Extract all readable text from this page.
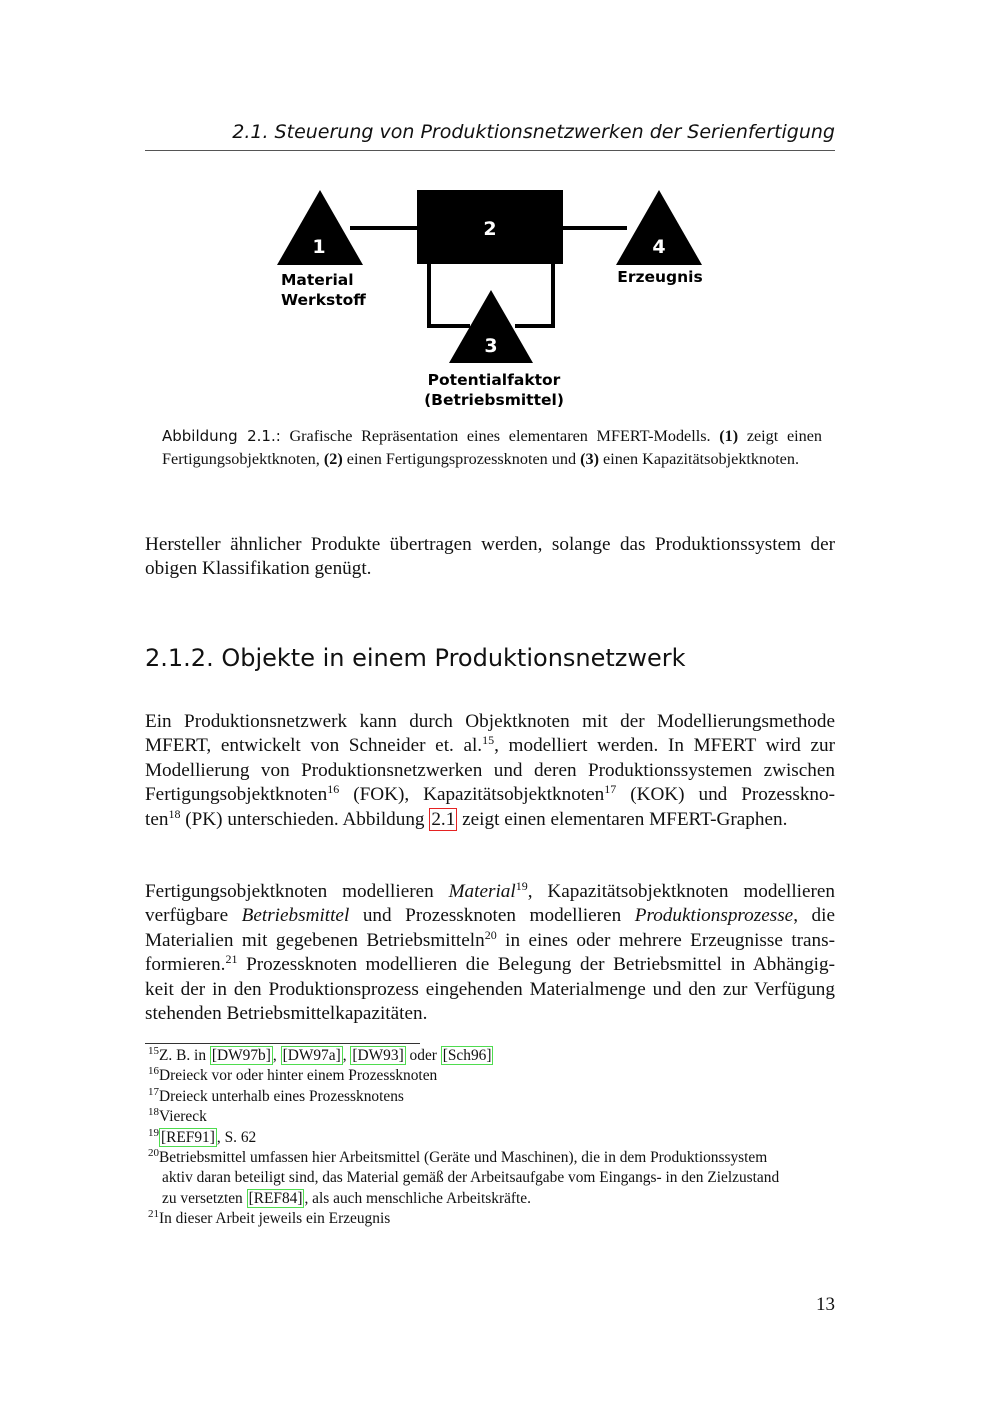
2.1. Steuerung von Produktionsnetzwerken der Serienfertigung
1
2
3
4
Material
Werkstoff
Erzeugnis
Potentialfaktor
(Betriebsmittel)
Abbildung 2.1.: Grafische Repräsentation eines elementaren MFERT-Modells. (1) zeigt einen Fertigungsobjektknoten, (2) einen Fertigungsprozessknoten und (3) einen Kapazitätsobjektknoten.
Hersteller ähnlicher Produkte übertragen werden, solange das Produktionssystem der
obigen Klassifikation genügt.
2.1.2. Objekte in einem Produktionsnetzwerk
Ein Produktionsnetzwerk kann durch Objektknoten mit der Modellierungsmethode
MFERT, entwickelt von Schneider et. al.$^{15}$, modelliert werden. In MFERT wird zur
Modellierung von Produktionsnetzwerken und deren Produktionssystemen zwischen
Fertigungsobjektknoten$^{16}$ (FOK), Kapazitätsobjektknoten$^{17}$ (KOK) und Prozesskno-
ten$^{18}$ (PK) unterschieden. Abbildung 2.1 zeigt einen elementaren MFERT-Graphen.
Fertigungsobjektknoten modellieren Material$^{19}$, Kapazitätsobjektknoten modellieren
verfügbare Betriebsmittel und Prozessknoten modellieren Produktionsprozesse, die
Materialien mit gegebenen Betriebsmitteln$^{20}$ in eines oder mehrere Erzeugnisse trans-
formieren.$^{21}$ Prozessknoten modellieren die Belegung der Betriebsmittel in Abhängig-
keit der in den Produktionsprozess eingehenden Materialmenge und den zur Verfügung
stehenden Betriebsmittelkapazitäten.
$^{15}$Z. B. in [DW97b] , [DW97a] , [DW93] oder [Sch96]
$^{16}$Dreieck vor oder hinter einem Prozessknoten
$^{17}$Dreieck unterhalb eines Prozessknotens
$^{18}$Viereck
$^{19}$ [REF91] , S. 62
$^{20}$Betriebsmittel umfassen hier Arbeitsmittel (Geräte und Maschinen), die in dem Produktionssystem
aktiv daran beteiligt sind, das Material gemäß der Arbeitsaufgabe vom Eingangs- in den Zielzustand
zu versetzten [REF84] , als auch menschliche Arbeitskräfte.
$^{21}$In dieser Arbeit jeweils ein Erzeugnis
13
